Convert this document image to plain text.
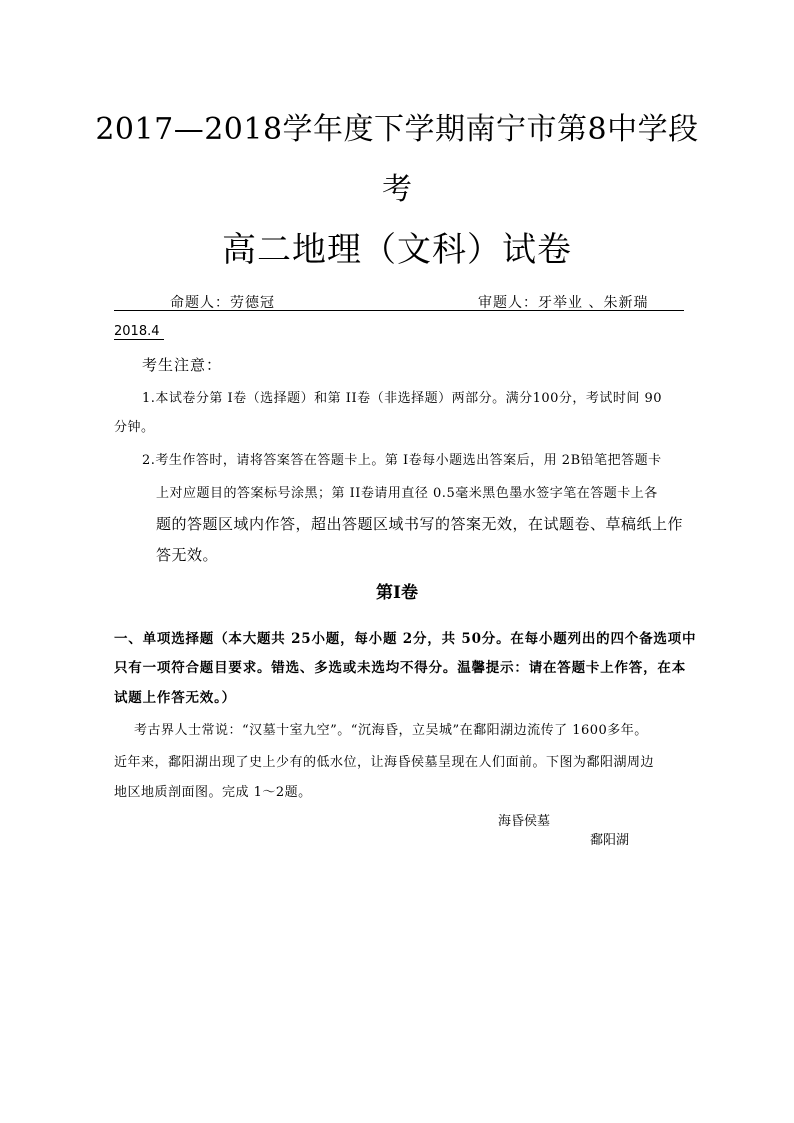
2017—2018学年度下学期南宁市第8中学段
考
高二地理（文科）试卷
命题人：劳德冠	审题人：牙举业 、朱新瑞
2018.4
考生注意：
1.本试卷分第 I卷（选择题）和第 II卷（非选择题）两部分。满分100分，考试时间 90
分钟。
2.考生作答时，请将答案答在答题卡上。第 I卷每小题选出答案后，用 2B铅笔把答题卡
上对应题目的答案标号涂黑；第 II卷请用直径 0.5毫米黑色墨水签字笔在答题卡上各
题的答题区域内作答，超出答题区域书写的答案无效，在试题卷、草稿纸上作
答无效。
第Ⅰ卷
一、单项选择题（本大题共 25小题，每小题 2分，共 50分。在每小题列出的四个备选项中
只有一项符合题目要求。错选、多选或未选均不得分。温馨提示：请在答题卡上作答，在本
试题上作答无效。）
考古界人士常说：“汉墓十室九空”。“沉海昏，立吴城”在鄱阳湖边流传了 1600多年。
近年来，鄱阳湖出现了史上少有的低水位，让海昏侯墓呈现在人们面前。下图为鄱阳湖周边
地区地质剖面图。完成 1～2题。
海昏侯墓
鄱阳湖
